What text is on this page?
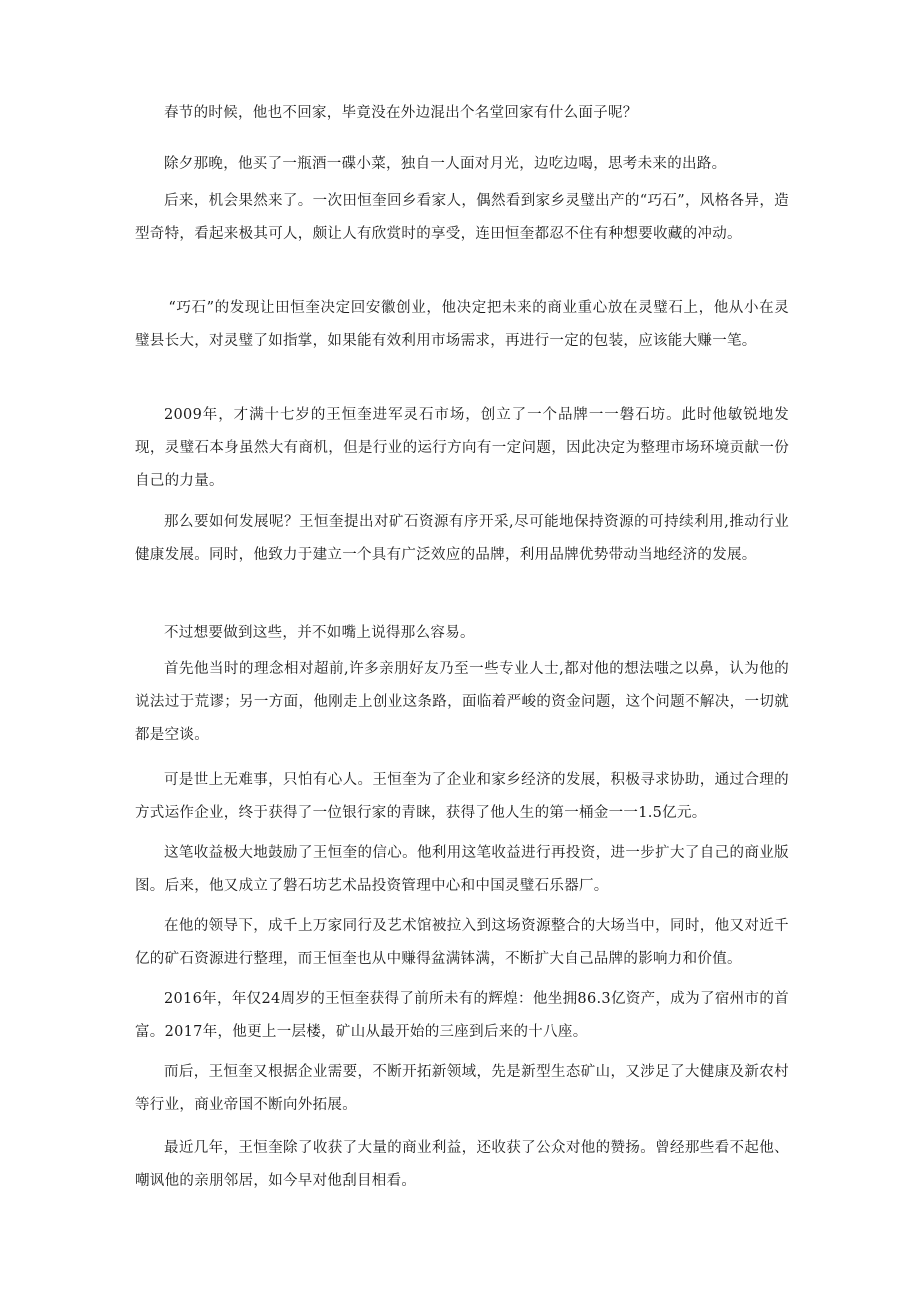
春节的时候，他也不回家，毕竟没在外边混出个名堂回家有什么面子呢？

除夕那晚，他买了一瓶酒一碟小菜，独自一人面对月光，边吃边喝，思考未来的出路。

后来，机会果然来了。一次田恒奎回乡看家人，偶然看到家乡灵璧出产的“巧石”，风格各异，造型奇特，看起来极其可人，颇让人有欣赏时的享受，连田恒奎都忍不住有种想要收藏的冲动。

“巧石”的发现让田恒奎决定回安徽创业，他决定把未来的商业重心放在灵璧石上，他从小在灵璧县长大，对灵璧了如指掌，如果能有效利用市场需求，再进行一定的包装，应该能大赚一笔。

2009年，才满十七岁的王恒奎进军灵石市场，创立了一个品牌一一磐石坊。此时他敏锐地发现，灵璧石本身虽然大有商机，但是行业的运行方向有一定问题，因此决定为整理市场环境贡献一份自己的力量。

那么要如何发展呢？王恒奎提出对矿石资源有序开采,尽可能地保持资源的可持续利用,推动行业健康发展。同时，他致力于建立一个具有广泛效应的品牌，利用品牌优势带动当地经济的发展。

不过想要做到这些，并不如嘴上说得那么容易。

首先他当时的理念相对超前,许多亲朋好友乃至一些专业人士,都对他的想法嗤之以鼻，认为他的说法过于荒谬；另一方面，他刚走上创业这条路，面临着严峻的资金问题，这个问题不解决，一切就都是空谈。

可是世上无难事，只怕有心人。王恒奎为了企业和家乡经济的发展，积极寻求协助，通过合理的方式运作企业，终于获得了一位银行家的青睐，获得了他人生的第一桶金一一1.5亿元。

这笔收益极大地鼓励了王恒奎的信心。他利用这笔收益进行再投资，进一步扩大了自己的商业版图。后来，他又成立了磐石坊艺术品投资管理中心和中国灵璧石乐器厂。

在他的领导下，成千上万家同行及艺术馆被拉入到这场资源整合的大场当中，同时，他又对近千亿的矿石资源进行整理，而王恒奎也从中赚得盆满钵满，不断扩大自己品牌的影响力和价值。

2016年，年仅24周岁的王恒奎获得了前所未有的辉煌：他坐拥86.3亿资产，成为了宿州市的首富。2017年，他更上一层楼，矿山从最开始的三座到后来的十八座。

而后，王恒奎又根据企业需要，不断开拓新领域，先是新型生态矿山，又涉足了大健康及新农村等行业，商业帝国不断向外拓展。

最近几年，王恒奎除了收获了大量的商业利益，还收获了公众对他的赞扬。曾经那些看不起他、嘲讽他的亲朋邻居，如今早对他刮目相看。
